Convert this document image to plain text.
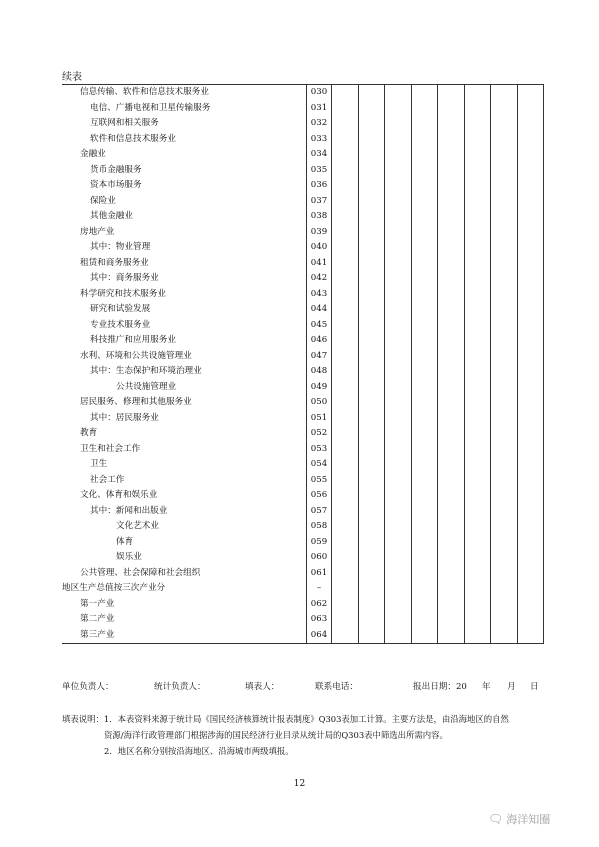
续表
信息传输、软件和信息技术服务业	030								
电信、广播电视和卫星传输服务	031								
互联网和相关服务	032								
软件和信息技术服务业	033								
金融业	034								
货币金融服务	035								
资本市场服务	036								
保险业	037								
其他金融业	038								
房地产业	039								
其中：物业管理	040								
租赁和商务服务业	041								
其中：商务服务业	042								
科学研究和技术服务业	043								
研究和试验发展	044								
专业技术服务业	045								
科技推广和应用服务业	046								
水利、环境和公共设施管理业	047								
其中：生态保护和环境治理业	048								
公共设施管理业	049								
居民服务、修理和其他服务业	050								
其中：居民服务业	051								
教育	052								
卫生和社会工作	053								
卫生	054								
社会工作	055								
文化、体育和娱乐业	056								
其中：新闻和出版业	057								
文化艺术业	058								
体育	059								
娱乐业	060								
公共管理、社会保障和社会组织	061								
地区生产总值按三次产业分	–								
第一产业	062								
第二产业	063								
第三产业	064								
单位负责人：	统计负责人：	填表人：	联系电话：	报出日期：20 年 月 日
填表说明：1．本表资料来源于统计局《国民经济核算统计报表制度》Q303表加工计算。主要方法是，由沿海地区的自然
资源/海洋行政管理部门根据涉海的国民经济行业目录从统计局的Q303表中筛选出所需内容。
2．地区名称分别按沿海地区、沿海城市两级填报。
12
🗨 海洋知圈
